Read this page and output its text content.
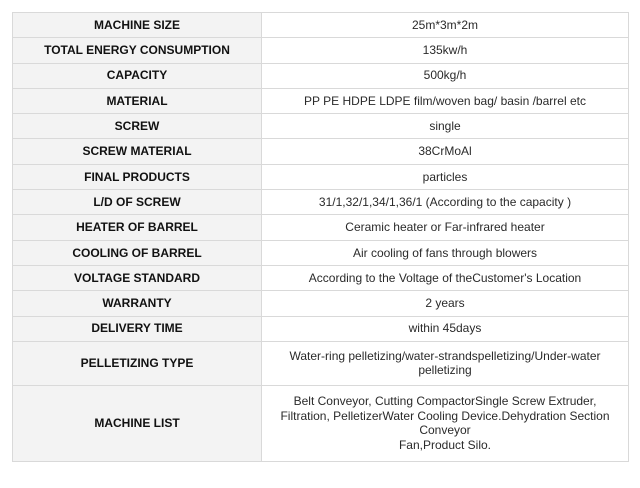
MACHINE SIZE	25m*3m*2m

TOTAL ENERGY CONSUMPTION	135kw/h

CAPACITY	500kg/h

MATERIAL	PP PE HDPE LDPE film/woven bag/ basin /barrel etc

SCREW	single

SCREW MATERIAL	38CrMoAl

FINAL PRODUCTS	particles

L/D OF SCREW	31/1,32/1,34/1,36/1 (According to the capacity )

HEATER OF BARREL	Ceramic heater or Far-infrared heater

COOLING OF BARREL	Air cooling of fans through blowers

VOLTAGE STANDARD	According to the Voltage of theCustomer's Location

WARRANTY	2 years

DELIVERY TIME	within 45days

PELLETIZING TYPE	Water-ring pelletizing/water-strandspelletizing/Under-water
pelletizing

MACHINE LIST	Belt Conveyor, Cutting CompactorSingle Screw Extruder,
Filtration, PelletizerWater Cooling Device.Dehydration Section
Conveyor
Fan,Product Silo.
